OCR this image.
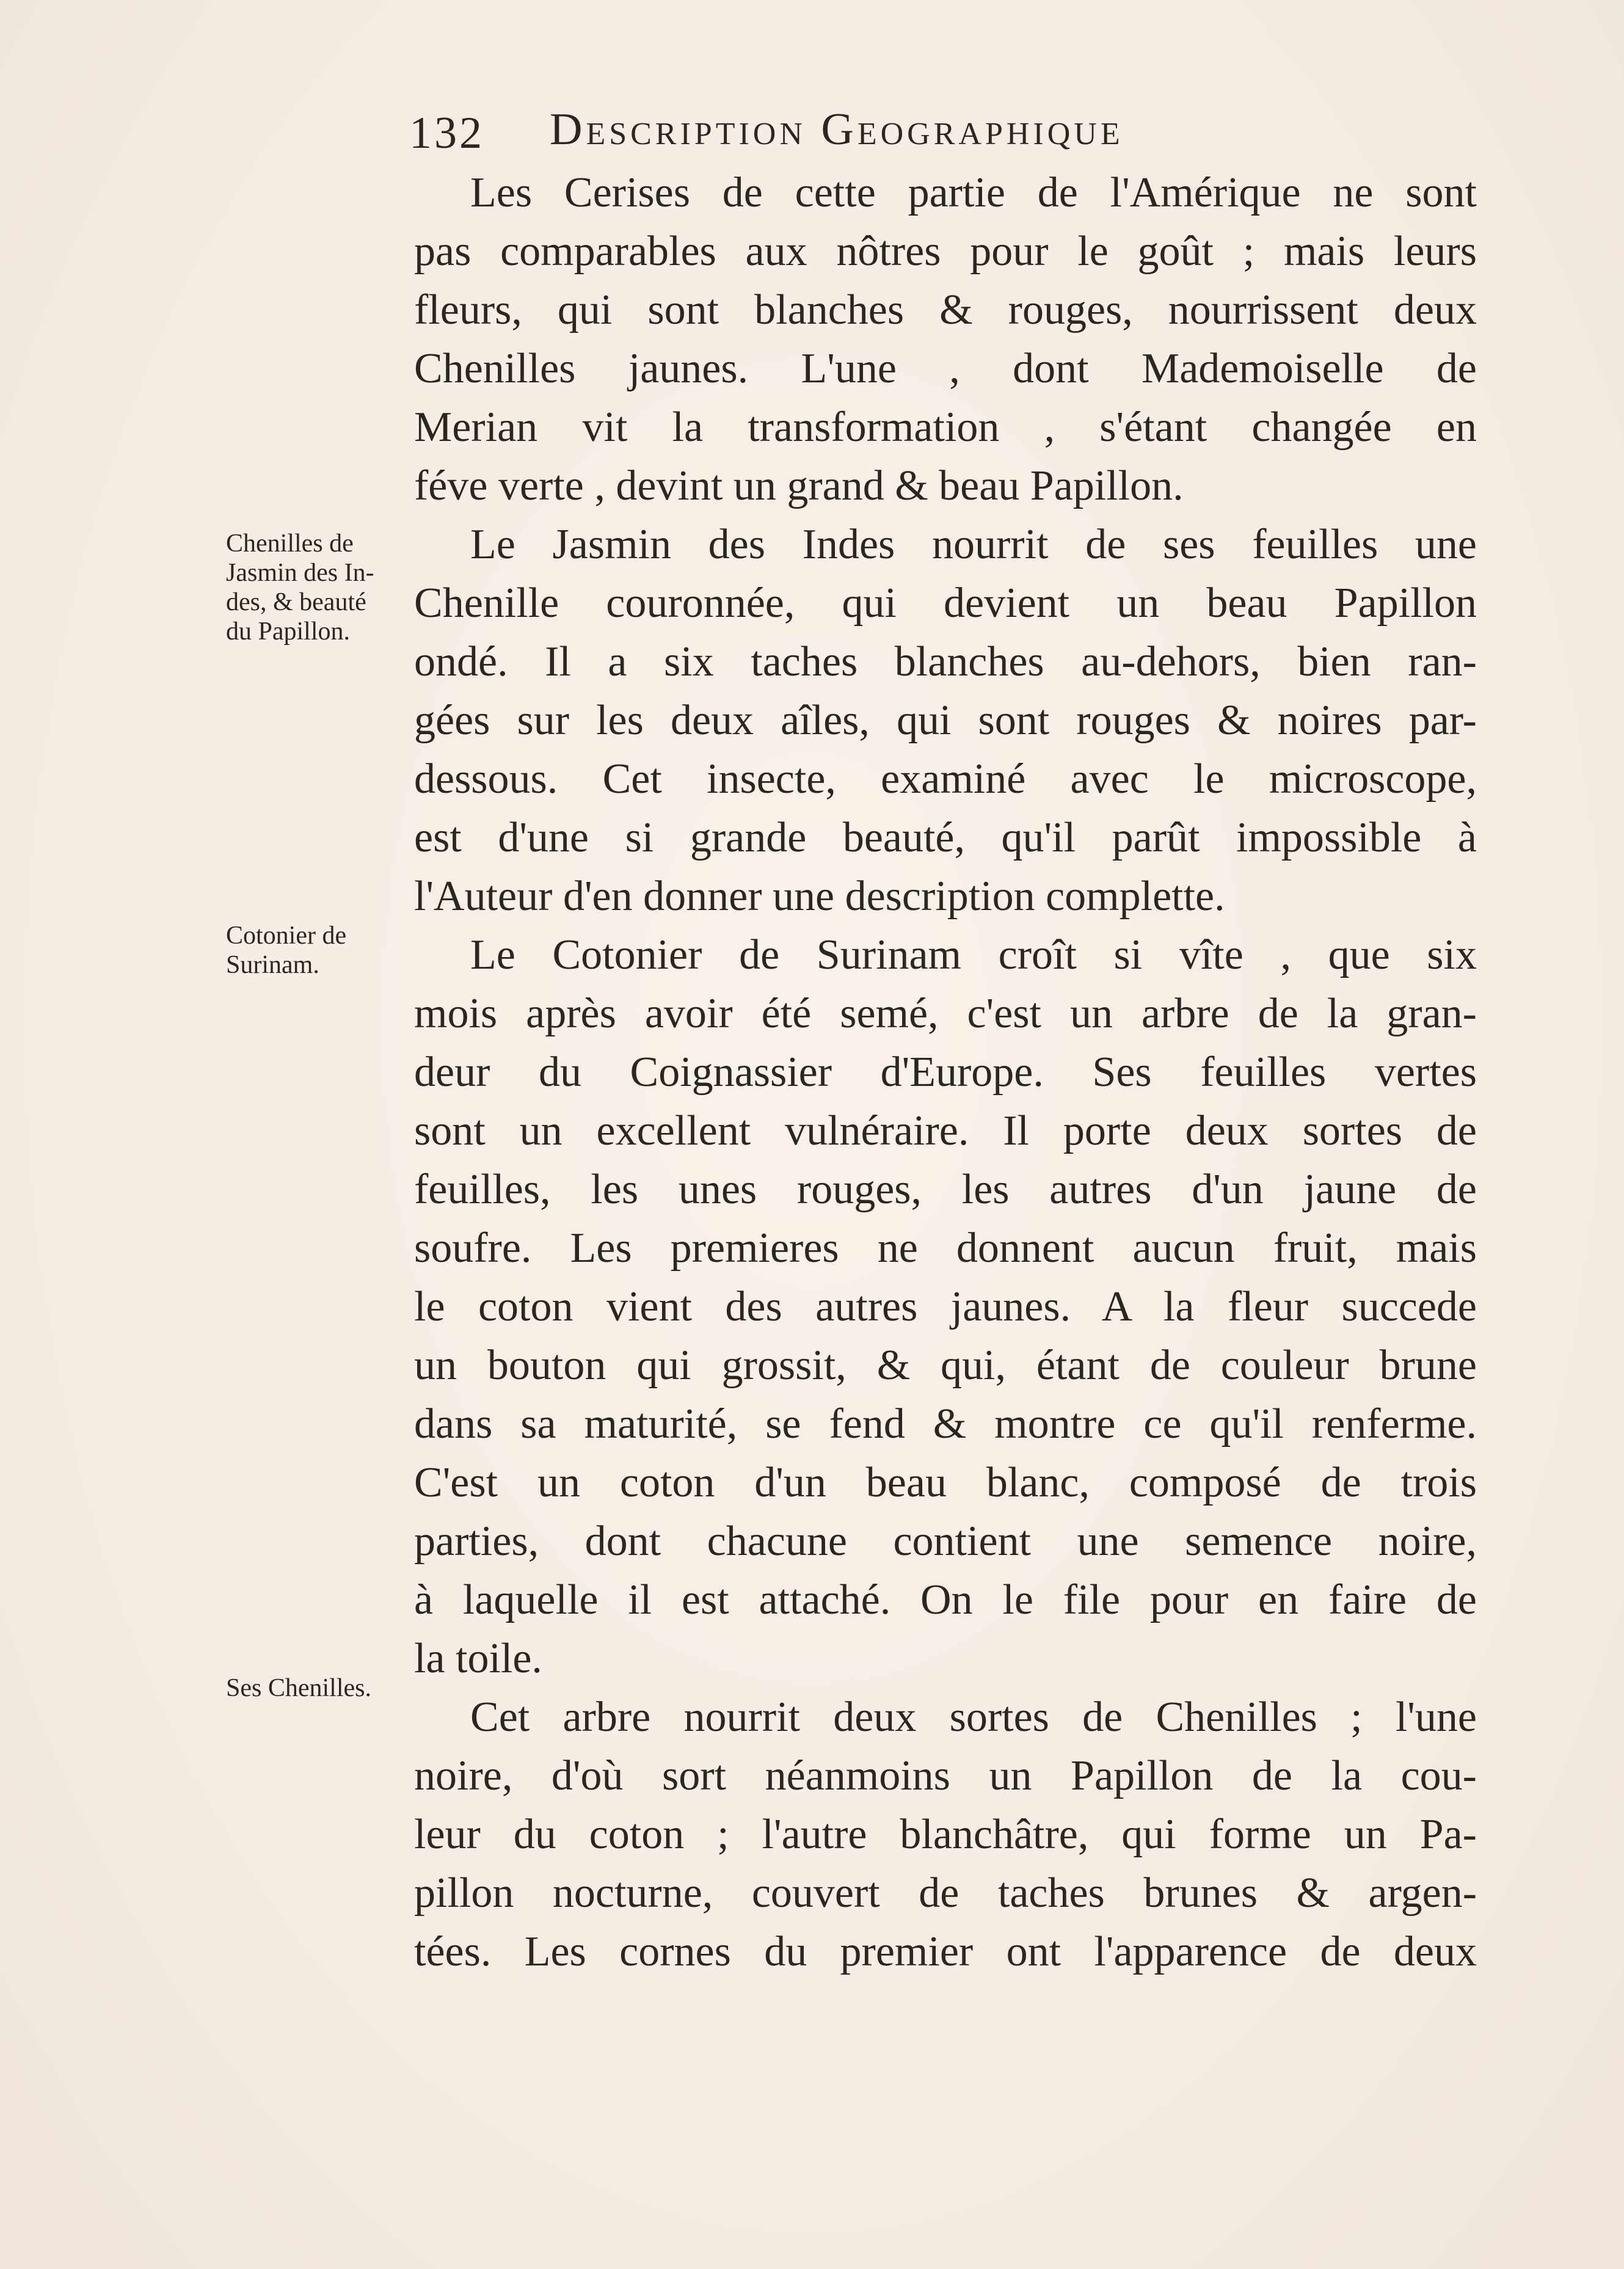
132 Description Geographique
Chenilles de
Jasmin des In-
des, & beauté
du Papillon.
Cotonier de
Surinam.
Ses Chenilles.
Les Cerises de cette partie de l'Amérique ne sont
pas comparables aux nôtres pour le goût ; mais leurs
fleurs, qui sont blanches & rouges, nourrissent deux
Chenilles jaunes. L'une , dont Mademoiselle de
Merian vit la transformation , s'étant changée en
féve verte , devint un grand & beau Papillon.
Le Jasmin des Indes nourrit de ses feuilles une
Chenille couronnée, qui devient un beau Papillon
ondé. Il a six taches blanches au-dehors, bien ran-
gées sur les deux aîles, qui sont rouges & noires par-
dessous. Cet insecte, examiné avec le microscope,
est d'une si grande beauté, qu'il parût impossible à
l'Auteur d'en donner une description complette.
Le Cotonier de Surinam croît si vîte , que six
mois après avoir été semé, c'est un arbre de la gran-
deur du Coignassier d'Europe. Ses feuilles vertes
sont un excellent vulnéraire. Il porte deux sortes de
feuilles, les unes rouges, les autres d'un jaune de
soufre. Les premieres ne donnent aucun fruit, mais
le coton vient des autres jaunes. A la fleur succede
un bouton qui grossit, & qui, étant de couleur brune
dans sa maturité, se fend & montre ce qu'il renferme.
C'est un coton d'un beau blanc, composé de trois
parties, dont chacune contient une semence noire,
à laquelle il est attaché. On le file pour en faire de
la toile.
Cet arbre nourrit deux sortes de Chenilles ; l'une
noire, d'où sort néanmoins un Papillon de la cou-
leur du coton ; l'autre blanchâtre, qui forme un Pa-
pillon nocturne, couvert de taches brunes & argen-
tées. Les cornes du premier ont l'apparence de deux
